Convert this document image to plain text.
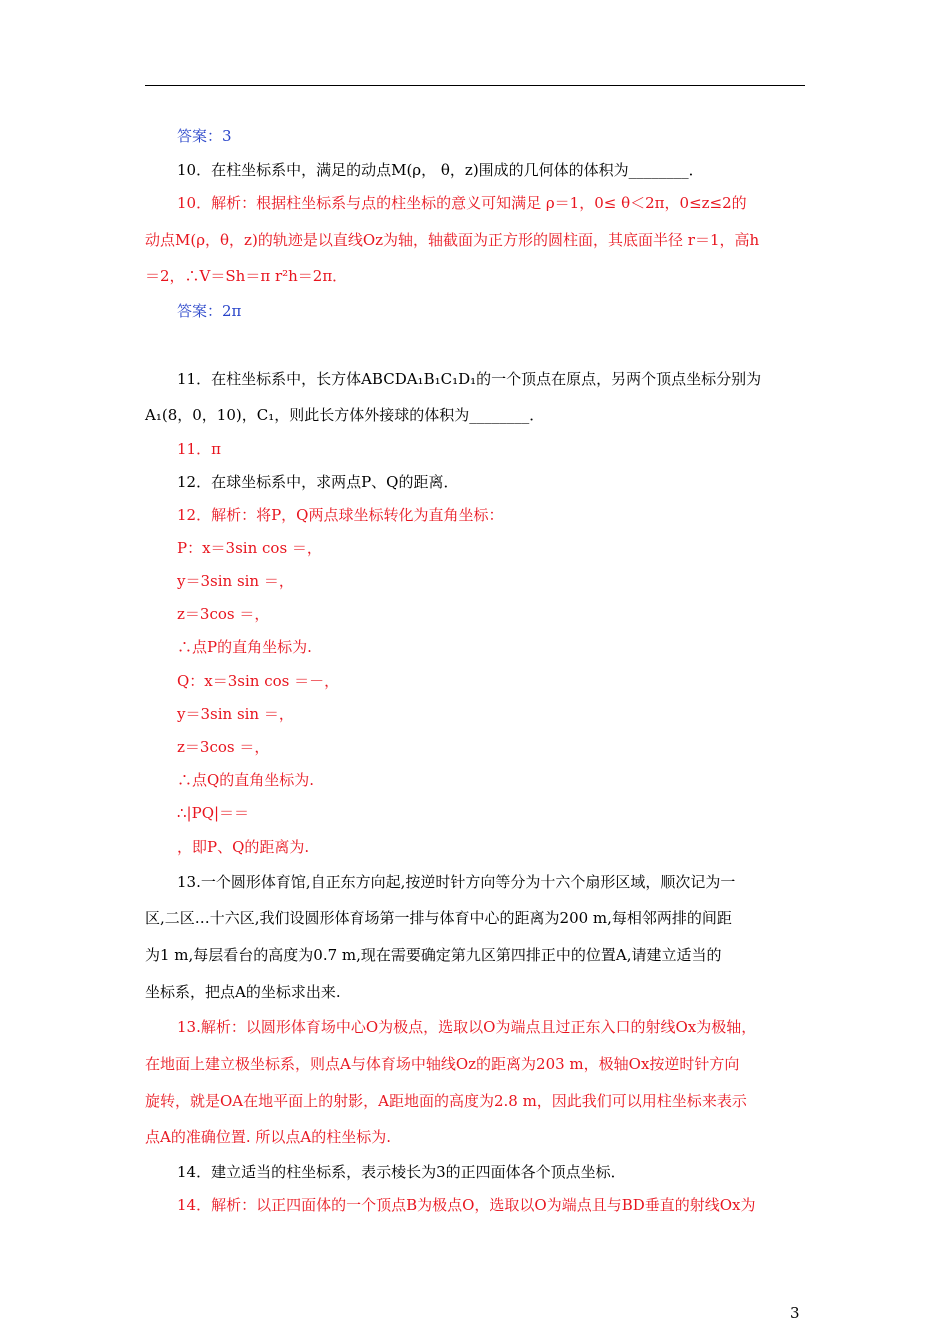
答案：3
10．在柱坐标系中，满足的动点M(ρ， θ，z)围成的几何体的体积为________．
10．解析：根据柱坐标系与点的柱坐标的意义可知满足 ρ＝1，0≤ θ＜2π，0≤z≤2的
动点M(ρ，θ，z)的轨迹是以直线Oz为轴，轴截面为正方形的圆柱面，其底面半径 r＝1，高h
＝2，∴V＝Sh＝π r²h＝2π．
答案：2π
11．在柱坐标系中，长方体ABCDA₁B₁C₁D₁的一个顶点在原点，另两个顶点坐标分别为
A₁(8，0，10)，C₁，则此长方体外接球的体积为________．
11．π
12．在球坐标系中，求两点P、Q的距离．
12．解析：将P，Q两点球坐标转化为直角坐标：
P：x＝3sin cos ＝，
y＝3sin sin ＝，
z＝3cos ＝，
∴点P的直角坐标为.
Q：x＝3sin cos ＝－，
y＝3sin sin ＝，
z＝3cos ＝，
∴点Q的直角坐标为.
∴|PQ|＝＝
，即P、Q的距离为.
13.一个圆形体育馆,自正东方向起,按逆时针方向等分为十六个扇形区域，顺次记为一
区,二区…十六区,我们设圆形体育场第一排与体育中心的距离为200 m,每相邻两排的间距
为1 m,每层看台的高度为0.7 m,现在需要确定第九区第四排正中的位置A,请建立适当的
坐标系，把点A的坐标求出来.
13.解析：以圆形体育场中心O为极点，选取以O为端点且过正东入口的射线Ox为极轴，
在地面上建立极坐标系，则点A与体育场中轴线Oz的距离为203 m，极轴Ox按逆时针方向
旋转，就是OA在地平面上的射影，A距地面的高度为2.8 m，因此我们可以用柱坐标来表示
点A的准确位置. 所以点A的柱坐标为.
14．建立适当的柱坐标系，表示棱长为3的正四面体各个顶点坐标．
14．解析：以正四面体的一个顶点B为极点O，选取以O为端点且与BD垂直的射线Ox为
3
